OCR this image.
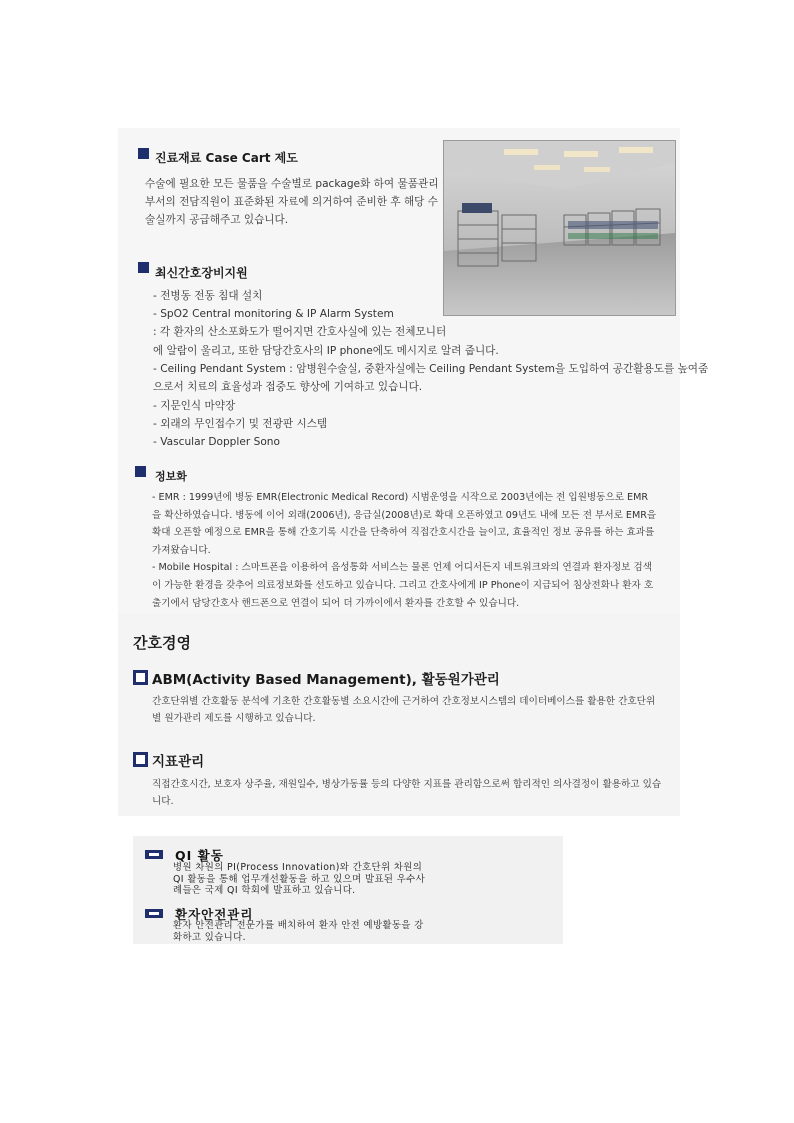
진료재료 Case Cart 제도
수술에 필요한 모든 물품을 수술별로 package화 하여 물품관리
부서의 전담직원이 표준화된 자료에 의거하여 준비한 후 해당 수
술실까지 공급해주고 있습니다.
최신간호장비지원
- 전병동 전동 침대 설치
- SpO2 Central monitoring & IP Alarm System
: 각 환자의 산소포화도가 떨어지면 간호사실에 있는 전체모니터
에 알람이 울리고, 또한 담당간호사의 IP phone에도 메시지로 알려 줍니다.
- Ceiling Pendant System : 암병원수술실, 중환자실에는 Ceiling Pendant System을 도입하여 공간활용도를 높여줌
으로서 치료의 효율성과 접중도 향상에 기여하고 있습니다.
- 지문인식 마약장
- 외래의 무인접수기 및 전광판 시스템
- Vascular Doppler Sono
정보화
- EMR : 1999년에 병동 EMR(Electronic Medical Record) 시범운영을 시작으로 2003년에는 전 입원병동으로 EMR
을 확산하였습니다. 병동에 이어 외래(2006년), 응급실(2008년)로 확대 오픈하였고 09년도 내에 모든 전 부서로 EMR을
확대 오픈할 예정으로 EMR을 통해 간호기록 시간을 단축하여 직접간호시간을 늘이고, 효율적인 정보 공유를 하는 효과를
가져왔습니다.
- Mobile Hospital : 스마트폰을 이용하여 음성통화 서비스는 물론 언제 어디서든지 네트워크와의 연결과 환자정보 검색
이 가능한 환경을 갖추어 의료정보화를 선도하고 있습니다. 그리고 간호사에게 IP Phone이 지급되어 침상전화나 환자 호
출기에서 담당간호사 핸드폰으로 연결이 되어 더 가까이에서 환자를 간호할 수 있습니다.
간호경영
ABM(Activity Based Management), 활동원가관리
간호단위별 간호활동 분석에 기초한 간호활동별 소요시간에 근거하여 간호정보시스템의 데이터베이스를 활용한 간호단위
별 원가관리 제도를 시행하고 있습니다.
지표관리
직접간호시간, 보호자 상주율, 재원일수, 병상가동률 등의 다양한 지표를 관리함으로써 합리적인 의사결정이 활용하고 있습
니다.
QI 활동
병원 차원의 PI(Process Innovation)와 간호단위 차원의
QI 활동을 통해 업무개선활동을 하고 있으며 발표된 우수사
례들은 국제 QI 학회에 발표하고 있습니다.
환자안전관리
환자 안전관리 전문가를 배치하여 환자 안전 예방활동을 강
화하고 있습니다.
